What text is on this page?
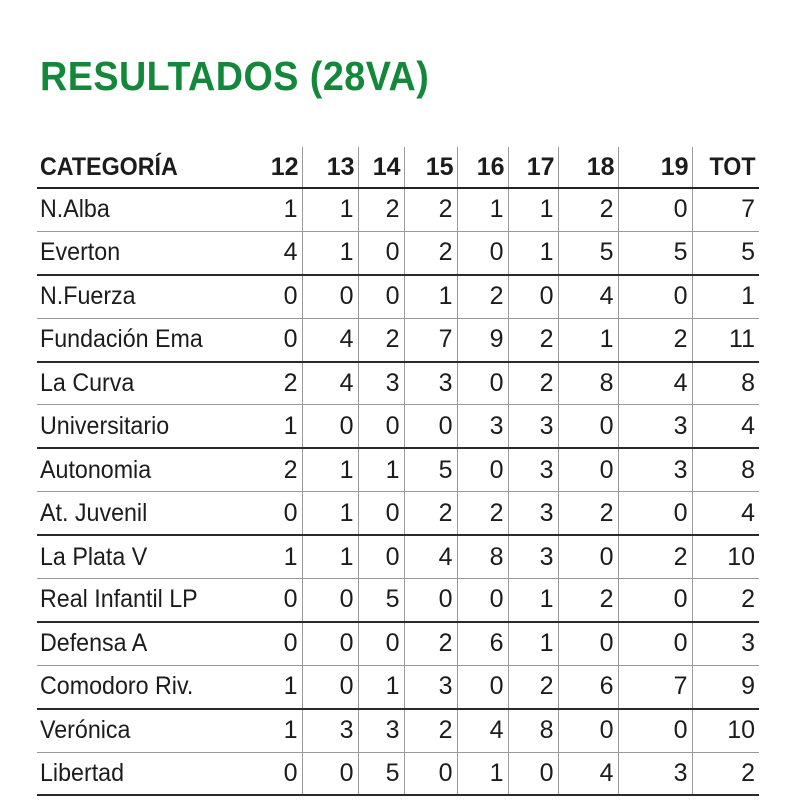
RESULTADOS (28VA)
CATEGORÍA	12	13	14	15	16	17	18	19	TOT
N.Alba	1	1	2	2	1	1	2	0	7
Everton	4	1	0	2	0	1	5	5	5
N.Fuerza	0	0	0	1	2	0	4	0	1
Fundación Ema	0	4	2	7	9	2	1	2	11
La Curva	2	4	3	3	0	2	8	4	8
Universitario	1	0	0	0	3	3	0	3	4
Autonomia	2	1	1	5	0	3	0	3	8
At. Juvenil	0	1	0	2	2	3	2	0	4
La Plata V	1	1	0	4	8	3	0	2	10
Real Infantil LP	0	0	5	0	0	1	2	0	2
Defensa A	0	0	0	2	6	1	0	0	3
Comodoro Riv.	1	0	1	3	0	2	6	7	9
Verónica	1	3	3	2	4	8	0	0	10
Libertad	0	0	5	0	1	0	4	3	2
